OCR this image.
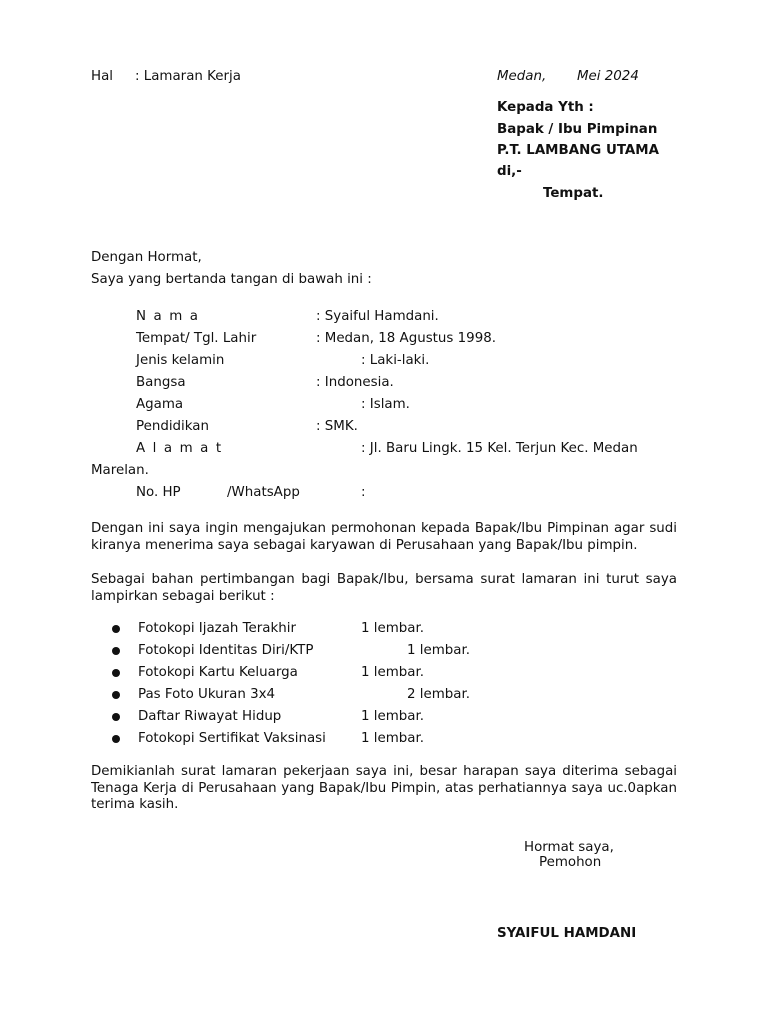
Hal : Lamaran Kerja	Medan, Mei 2024
Kepada Yth :
Bapak / Ibu Pimpinan
P.T. LAMBANG UTAMA
di,-
Tempat.
Dengan Hormat,
Saya yang bertanda tangan di bawah ini :
Nama	: Syaiful Hamdani.
Tempat/ Tgl. Lahir	: Medan, 18 Agustus 1998.
Jenis kelamin	: Laki-laki.
Bangsa	: Indonesia.
Agama	: Islam.
Pendidikan	: SMK.
Alamat	: Jl. Baru Lingk. 15 Kel. Terjun Kec. Medan
Marelan.
No. HP	/WhatsApp	:

Dengan ini saya ingin mengajukan permohonan kepada Bapak/Ibu Pimpinan agar sudi kiranya menerima saya sebagai karyawan di Perusahaan yang Bapak/Ibu pimpin.

Sebagai bahan pertimbangan bagi Bapak/Ibu, bersama surat lamaran ini turut saya lampirkan sebagai berikut :

Fotokopi Ijazah Terakhir	1 lembar.
Fotokopi Identitas Diri/KTP	1 lembar.
Fotokopi Kartu Keluarga	1 lembar.
Pas Foto Ukuran 3x4	2 lembar.
Daftar Riwayat Hidup	1 lembar.
Fotokopi Sertifikat Vaksinasi	1 lembar.

Demikianlah surat lamaran pekerjaan saya ini, besar harapan saya diterima sebagai Tenaga Kerja di Perusahaan yang Bapak/Ibu Pimpin, atas perhatiannya saya uc.0apkan terima kasih.

Hormat saya,
Pemohon
SYAIFUL HAMDANI
